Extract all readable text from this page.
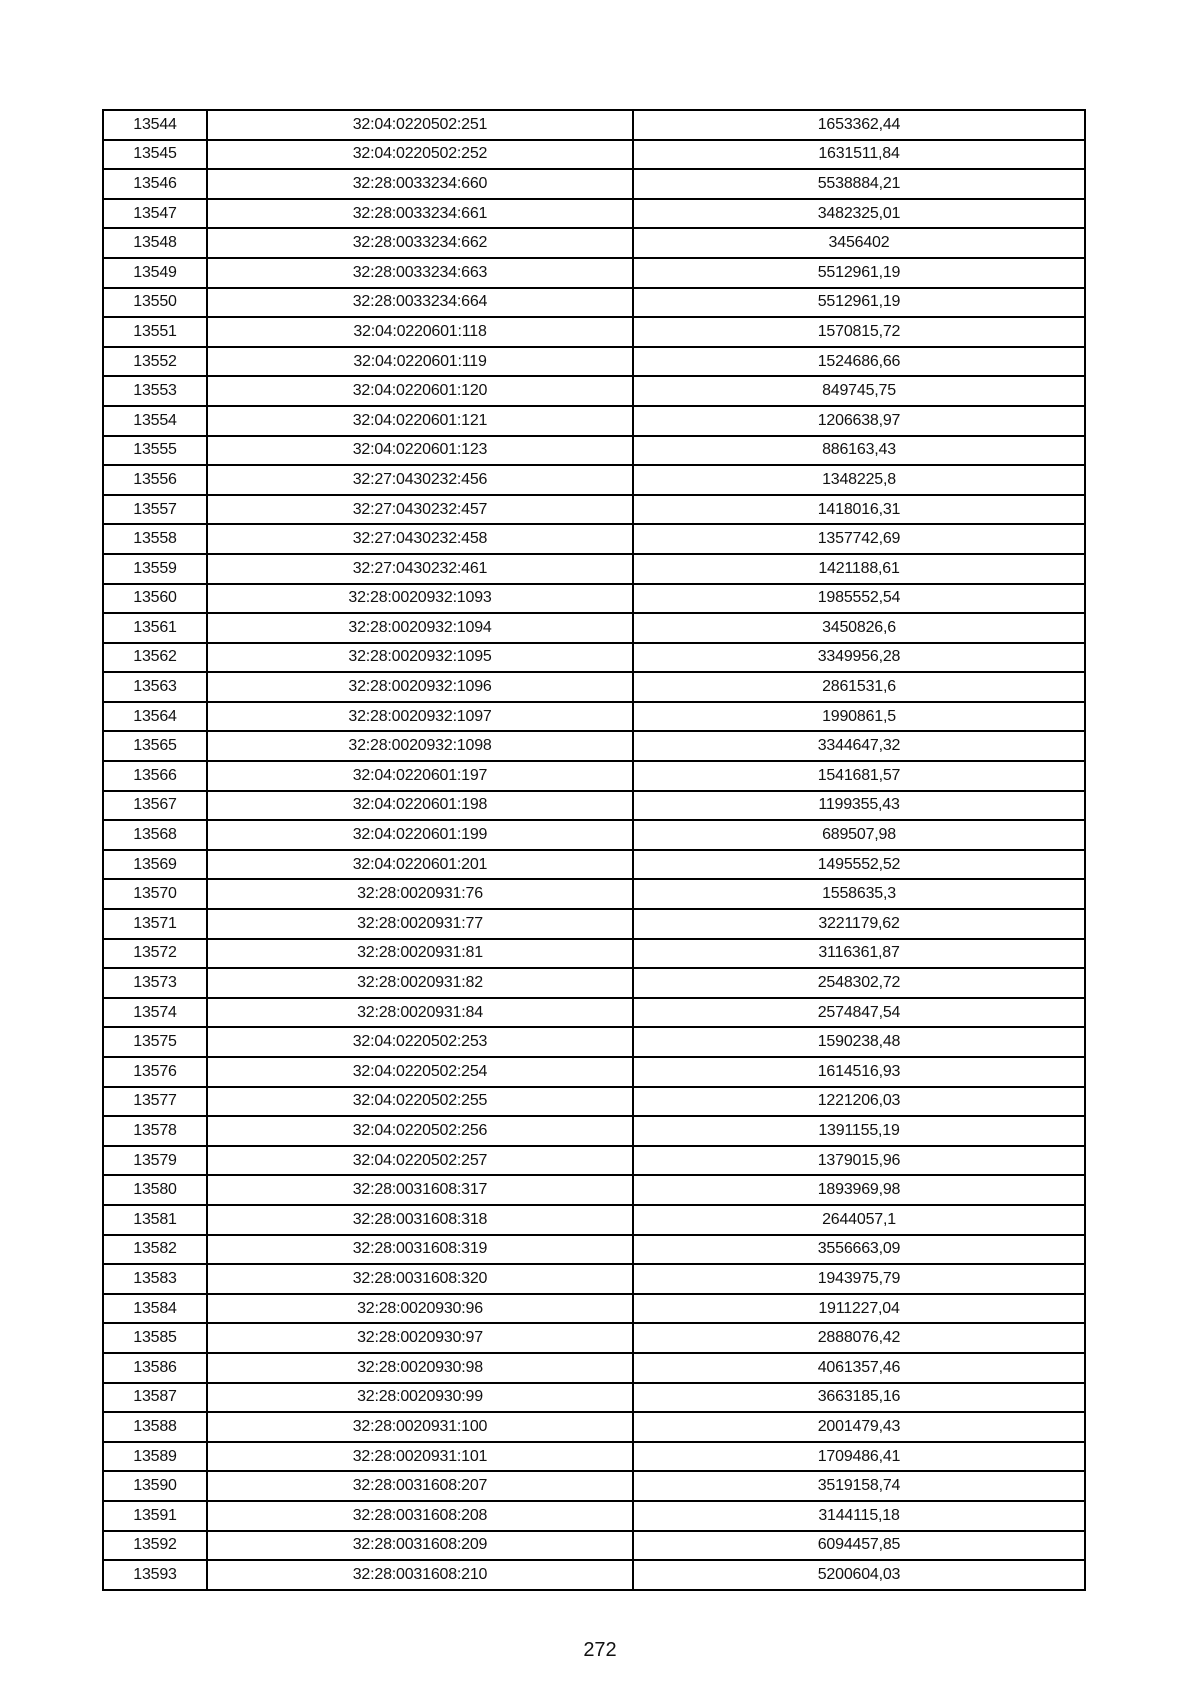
13544	32:04:0220502:251	1653362,44
13545	32:04:0220502:252	1631511,84
13546	32:28:0033234:660	5538884,21
13547	32:28:0033234:661	3482325,01
13548	32:28:0033234:662	3456402
13549	32:28:0033234:663	5512961,19
13550	32:28:0033234:664	5512961,19
13551	32:04:0220601:118	1570815,72
13552	32:04:0220601:119	1524686,66
13553	32:04:0220601:120	849745,75
13554	32:04:0220601:121	1206638,97
13555	32:04:0220601:123	886163,43
13556	32:27:0430232:456	1348225,8
13557	32:27:0430232:457	1418016,31
13558	32:27:0430232:458	1357742,69
13559	32:27:0430232:461	1421188,61
13560	32:28:0020932:1093	1985552,54
13561	32:28:0020932:1094	3450826,6
13562	32:28:0020932:1095	3349956,28
13563	32:28:0020932:1096	2861531,6
13564	32:28:0020932:1097	1990861,5
13565	32:28:0020932:1098	3344647,32
13566	32:04:0220601:197	1541681,57
13567	32:04:0220601:198	1199355,43
13568	32:04:0220601:199	689507,98
13569	32:04:0220601:201	1495552,52
13570	32:28:0020931:76	1558635,3
13571	32:28:0020931:77	3221179,62
13572	32:28:0020931:81	3116361,87
13573	32:28:0020931:82	2548302,72
13574	32:28:0020931:84	2574847,54
13575	32:04:0220502:253	1590238,48
13576	32:04:0220502:254	1614516,93
13577	32:04:0220502:255	1221206,03
13578	32:04:0220502:256	1391155,19
13579	32:04:0220502:257	1379015,96
13580	32:28:0031608:317	1893969,98
13581	32:28:0031608:318	2644057,1
13582	32:28:0031608:319	3556663,09
13583	32:28:0031608:320	1943975,79
13584	32:28:0020930:96	1911227,04
13585	32:28:0020930:97	2888076,42
13586	32:28:0020930:98	4061357,46
13587	32:28:0020930:99	3663185,16
13588	32:28:0020931:100	2001479,43
13589	32:28:0020931:101	1709486,41
13590	32:28:0031608:207	3519158,74
13591	32:28:0031608:208	3144115,18
13592	32:28:0031608:209	6094457,85
13593	32:28:0031608:210	5200604,03
272
